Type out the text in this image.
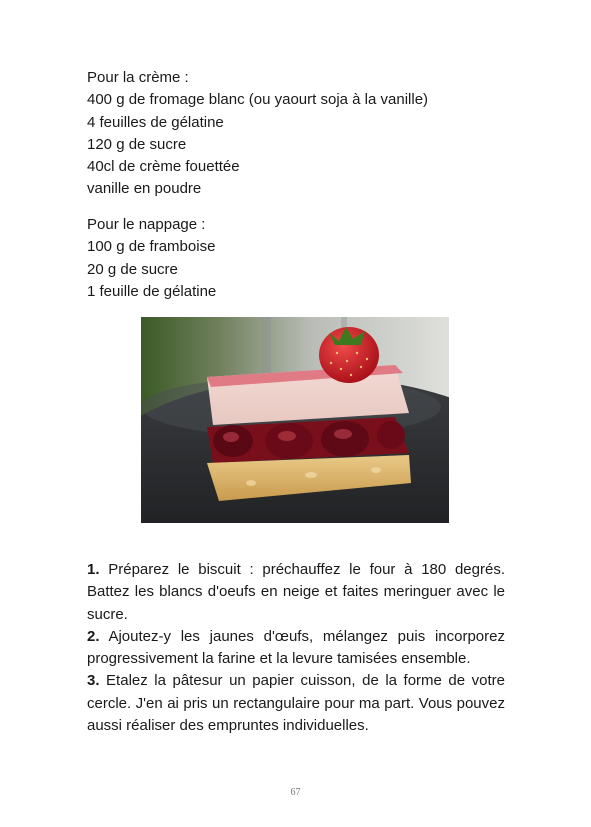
Pour la crème :
400 g de fromage blanc (ou yaourt soja à la vanille)
4 feuilles de gélatine
120 g de sucre
40cl de crème fouettée
vanille en poudre
Pour le nappage :
100 g de framboise
20 g de sucre
1 feuille de gélatine

1. Préparez le biscuit : préchauffez le four à 180 degrés. Battez les blancs d'oeufs en neige et faites meringuer avec le sucre.

2. Ajoutez-y les jaunes d'œufs, mélangez puis incorporez progressivement la farine et la levure tamisées ensemble.

3. Etalez la pâtesur un papier cuisson, de la forme de votre cercle. J'en ai pris un rectangulaire pour ma part. Vous pouvez aussi réaliser des empruntes individuelles.

67
